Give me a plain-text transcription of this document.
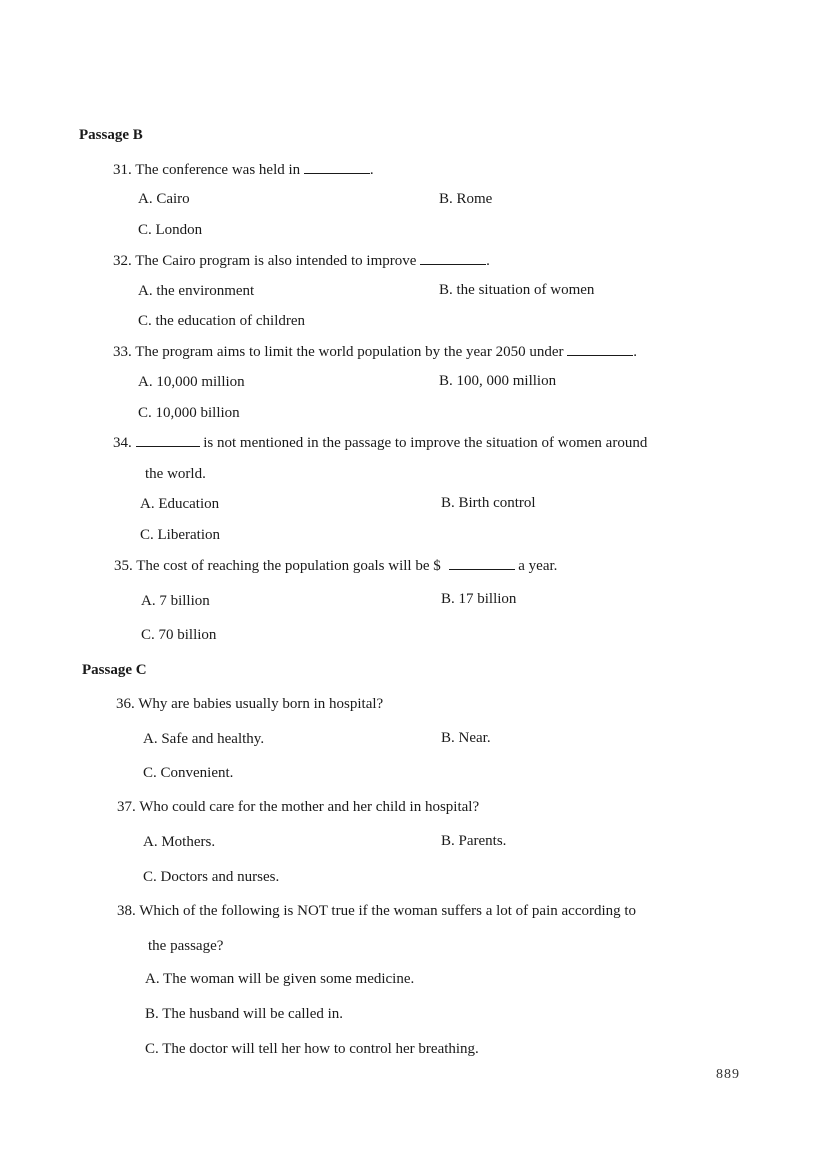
Passage B
31. The conference was held in	.
A. Cairo	B. Rome
C. London
32. The Cairo program is also intended to improve	.
A. the environment	B. the situation of women
C. the education of children
33. The program aims to limit the world population by the year 2050 under	.
A. 10,000 million	B. 100, 000 million
C. 10,000 billion
34.	is not mentioned in the passage to improve the situation of women around
the world.
A. Education	B. Birth control
C. Liberation
35. The cost of reaching the population goals will be $	a year.
A. 7 billion	B. 17 billion
C. 70 billion
Passage C
36. Why are babies usually born in hospital?
A. Safe and healthy.	B. Near.
C. Convenient.
37. Who could care for the mother and her child in hospital?
A. Mothers.	B. Parents.
C. Doctors and nurses.
38. Which of the following is NOT true if the woman suffers a lot of pain according to
the passage?
A. The woman will be given some medicine.
B. The husband will be called in.
C. The doctor will tell her how to control her breathing.
889
